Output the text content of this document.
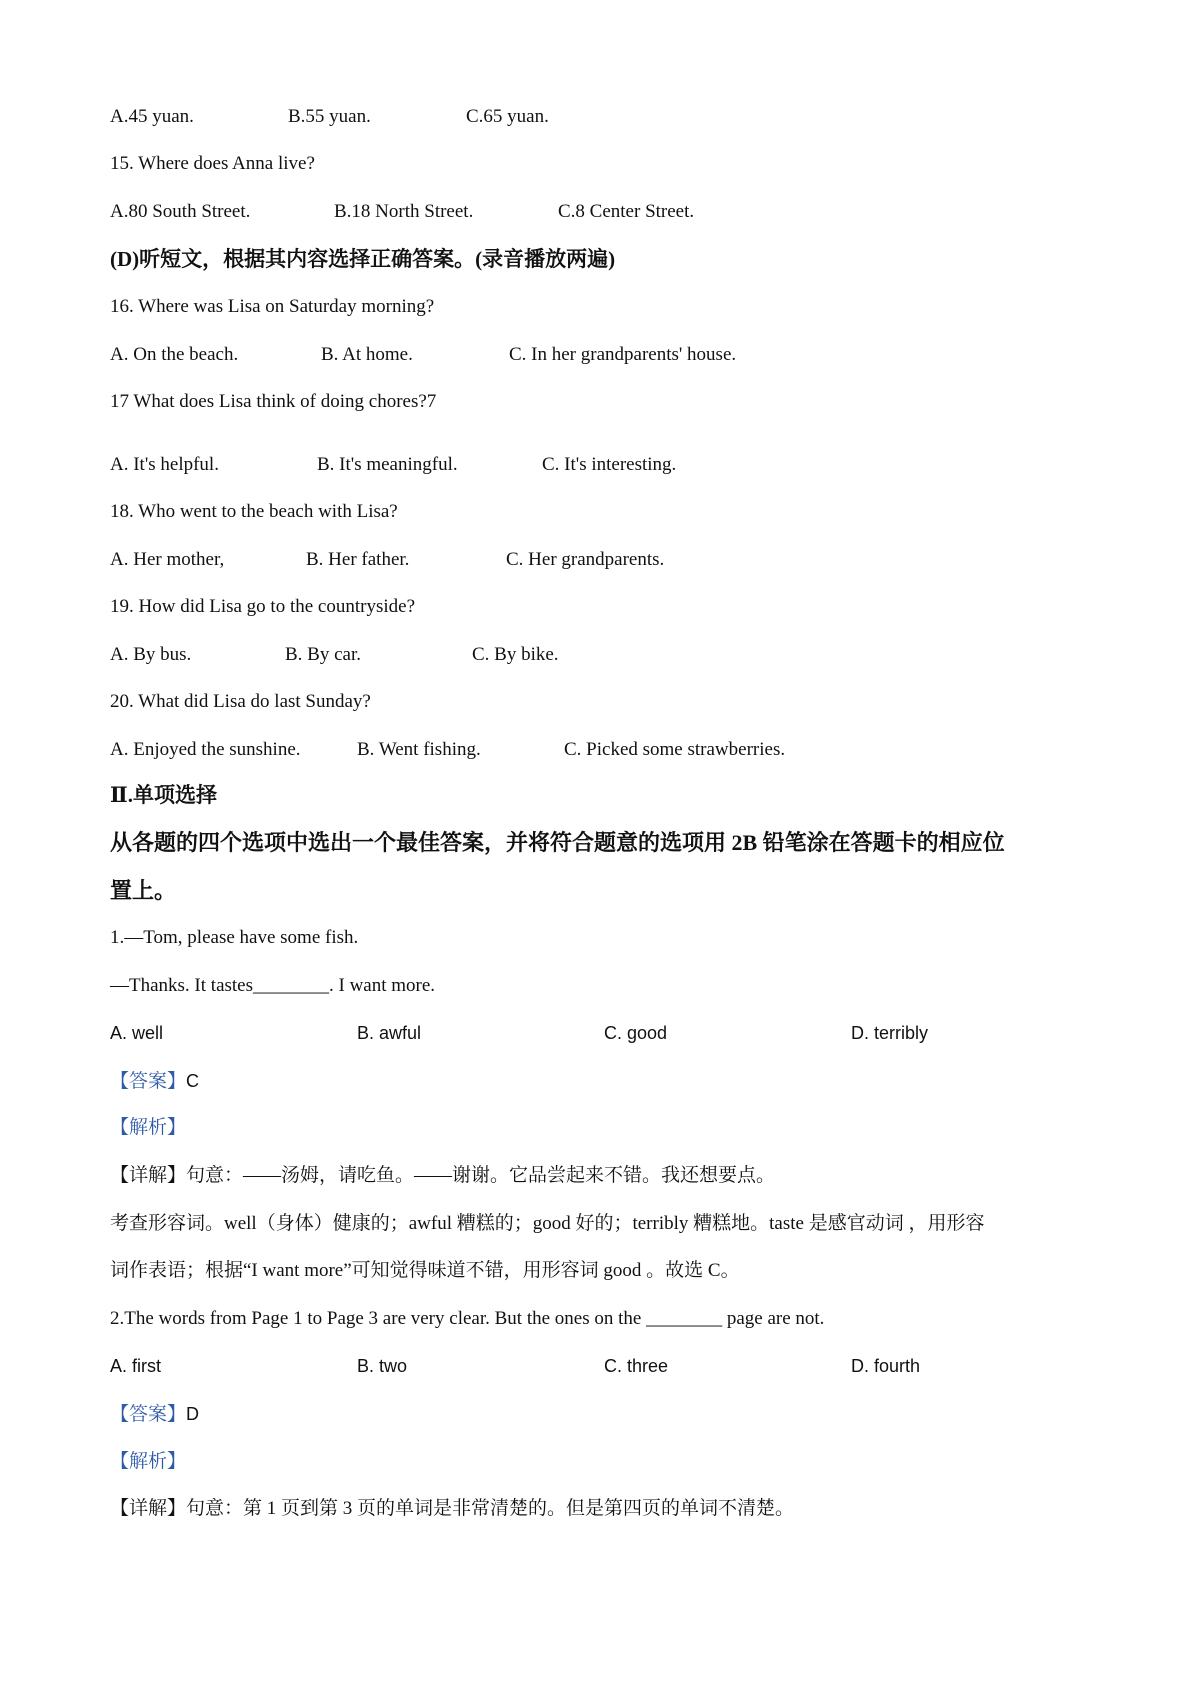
A.45 yuan.	B.55 yuan.	C.65 yuan.
15. Where does Anna live?
A.80 South Street.	B.18 North Street.	C.8 Center Street.
(D)听短文，根据其内容选择正确答案。(录音播放两遍)
16. Where was Lisa on Saturday morning?
A. On the beach.	B. At home.	C. In her grandparents' house.
17 What does Lisa think of doing chores?7
A. It's helpful.	B. It's meaningful.	C. It's interesting.
18. Who went to the beach with Lisa?
A. Her mother,	B. Her father.	C. Her grandparents.
19. How did Lisa go to the countryside?
A. By bus.	B. By car.	C. By bike.
20. What did Lisa do last Sunday?
A. Enjoyed the sunshine.	B. Went fishing.	C. Picked some strawberries.
Ⅱ.单项选择
从各题的四个选项中选出一个最佳答案，并将符合题意的选项用 2B 铅笔涂在答题卡的相应位
置上。
1.—Tom, please have some fish.
—Thanks. It tastes________. I want more.
A. well	B. awful	C. good	D. terribly
【答案】C
【解析】
【详解】句意：——汤姆，请吃鱼。——谢谢。它品尝起来不错。我还想要点。
考查形容词。well（身体）健康的；awful 糟糕的；good 好的；terribly 糟糕地。taste 是感官动词 ，用形容
词作表语；根据“I want more”可知觉得味道不错，用形容词 good 。故选 C。
2.The words from Page 1 to Page 3 are very clear. But the ones on the ________ page are not.
A. first	B. two	C. three	D. fourth
【答案】D
【解析】
【详解】句意：第 1 页到第 3 页的单词是非常清楚的。但是第四页的单词不清楚。
